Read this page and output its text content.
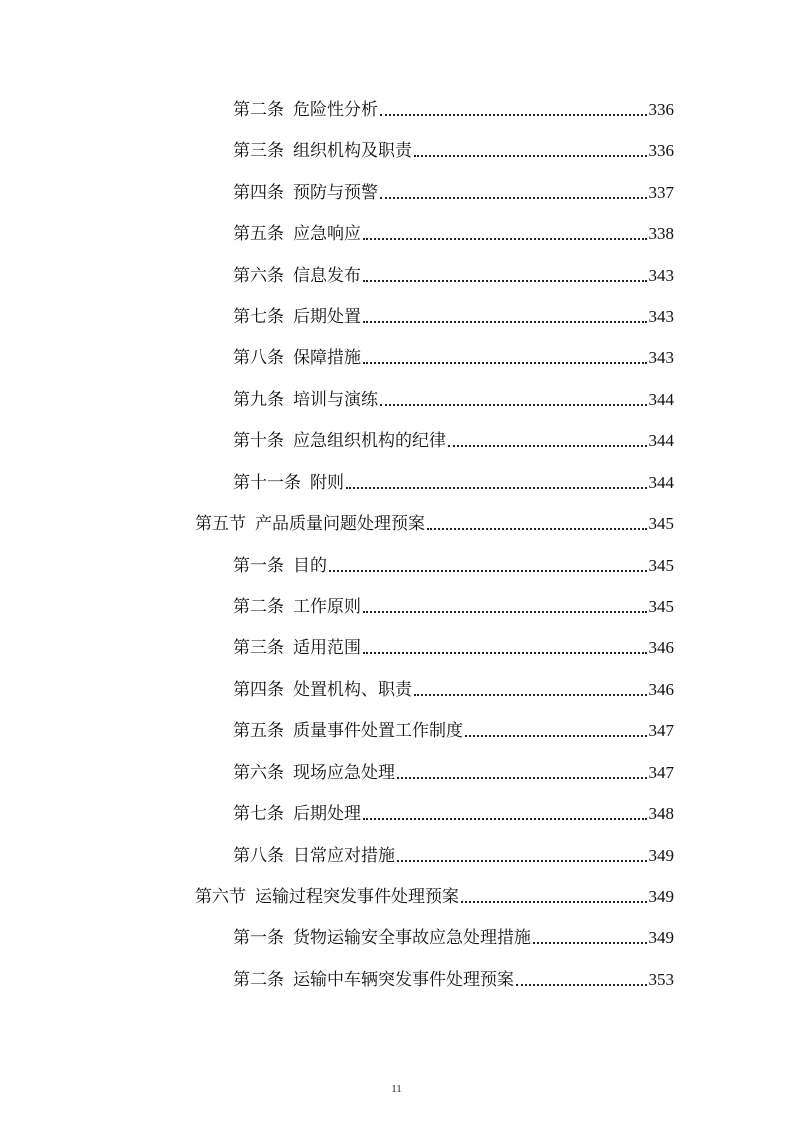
第二条 危险性分析	336
第三条 组织机构及职责	336
第四条 预防与预警	337
第五条 应急响应	338
第六条 信息发布	343
第七条 后期处置	343
第八条 保障措施	343
第九条 培训与演练	344
第十条 应急组织机构的纪律	344
第十一条 附则	344
第五节 产品质量问题处理预案	345
第一条 目的	345
第二条 工作原则	345
第三条 适用范围	346
第四条 处置机构、职责	346
第五条 质量事件处置工作制度	347
第六条 现场应急处理	347
第七条 后期处理	348
第八条 日常应对措施	349
第六节 运输过程突发事件处理预案	349
第一条 货物运输安全事故应急处理措施	349
第二条 运输中车辆突发事件处理预案	353
11
